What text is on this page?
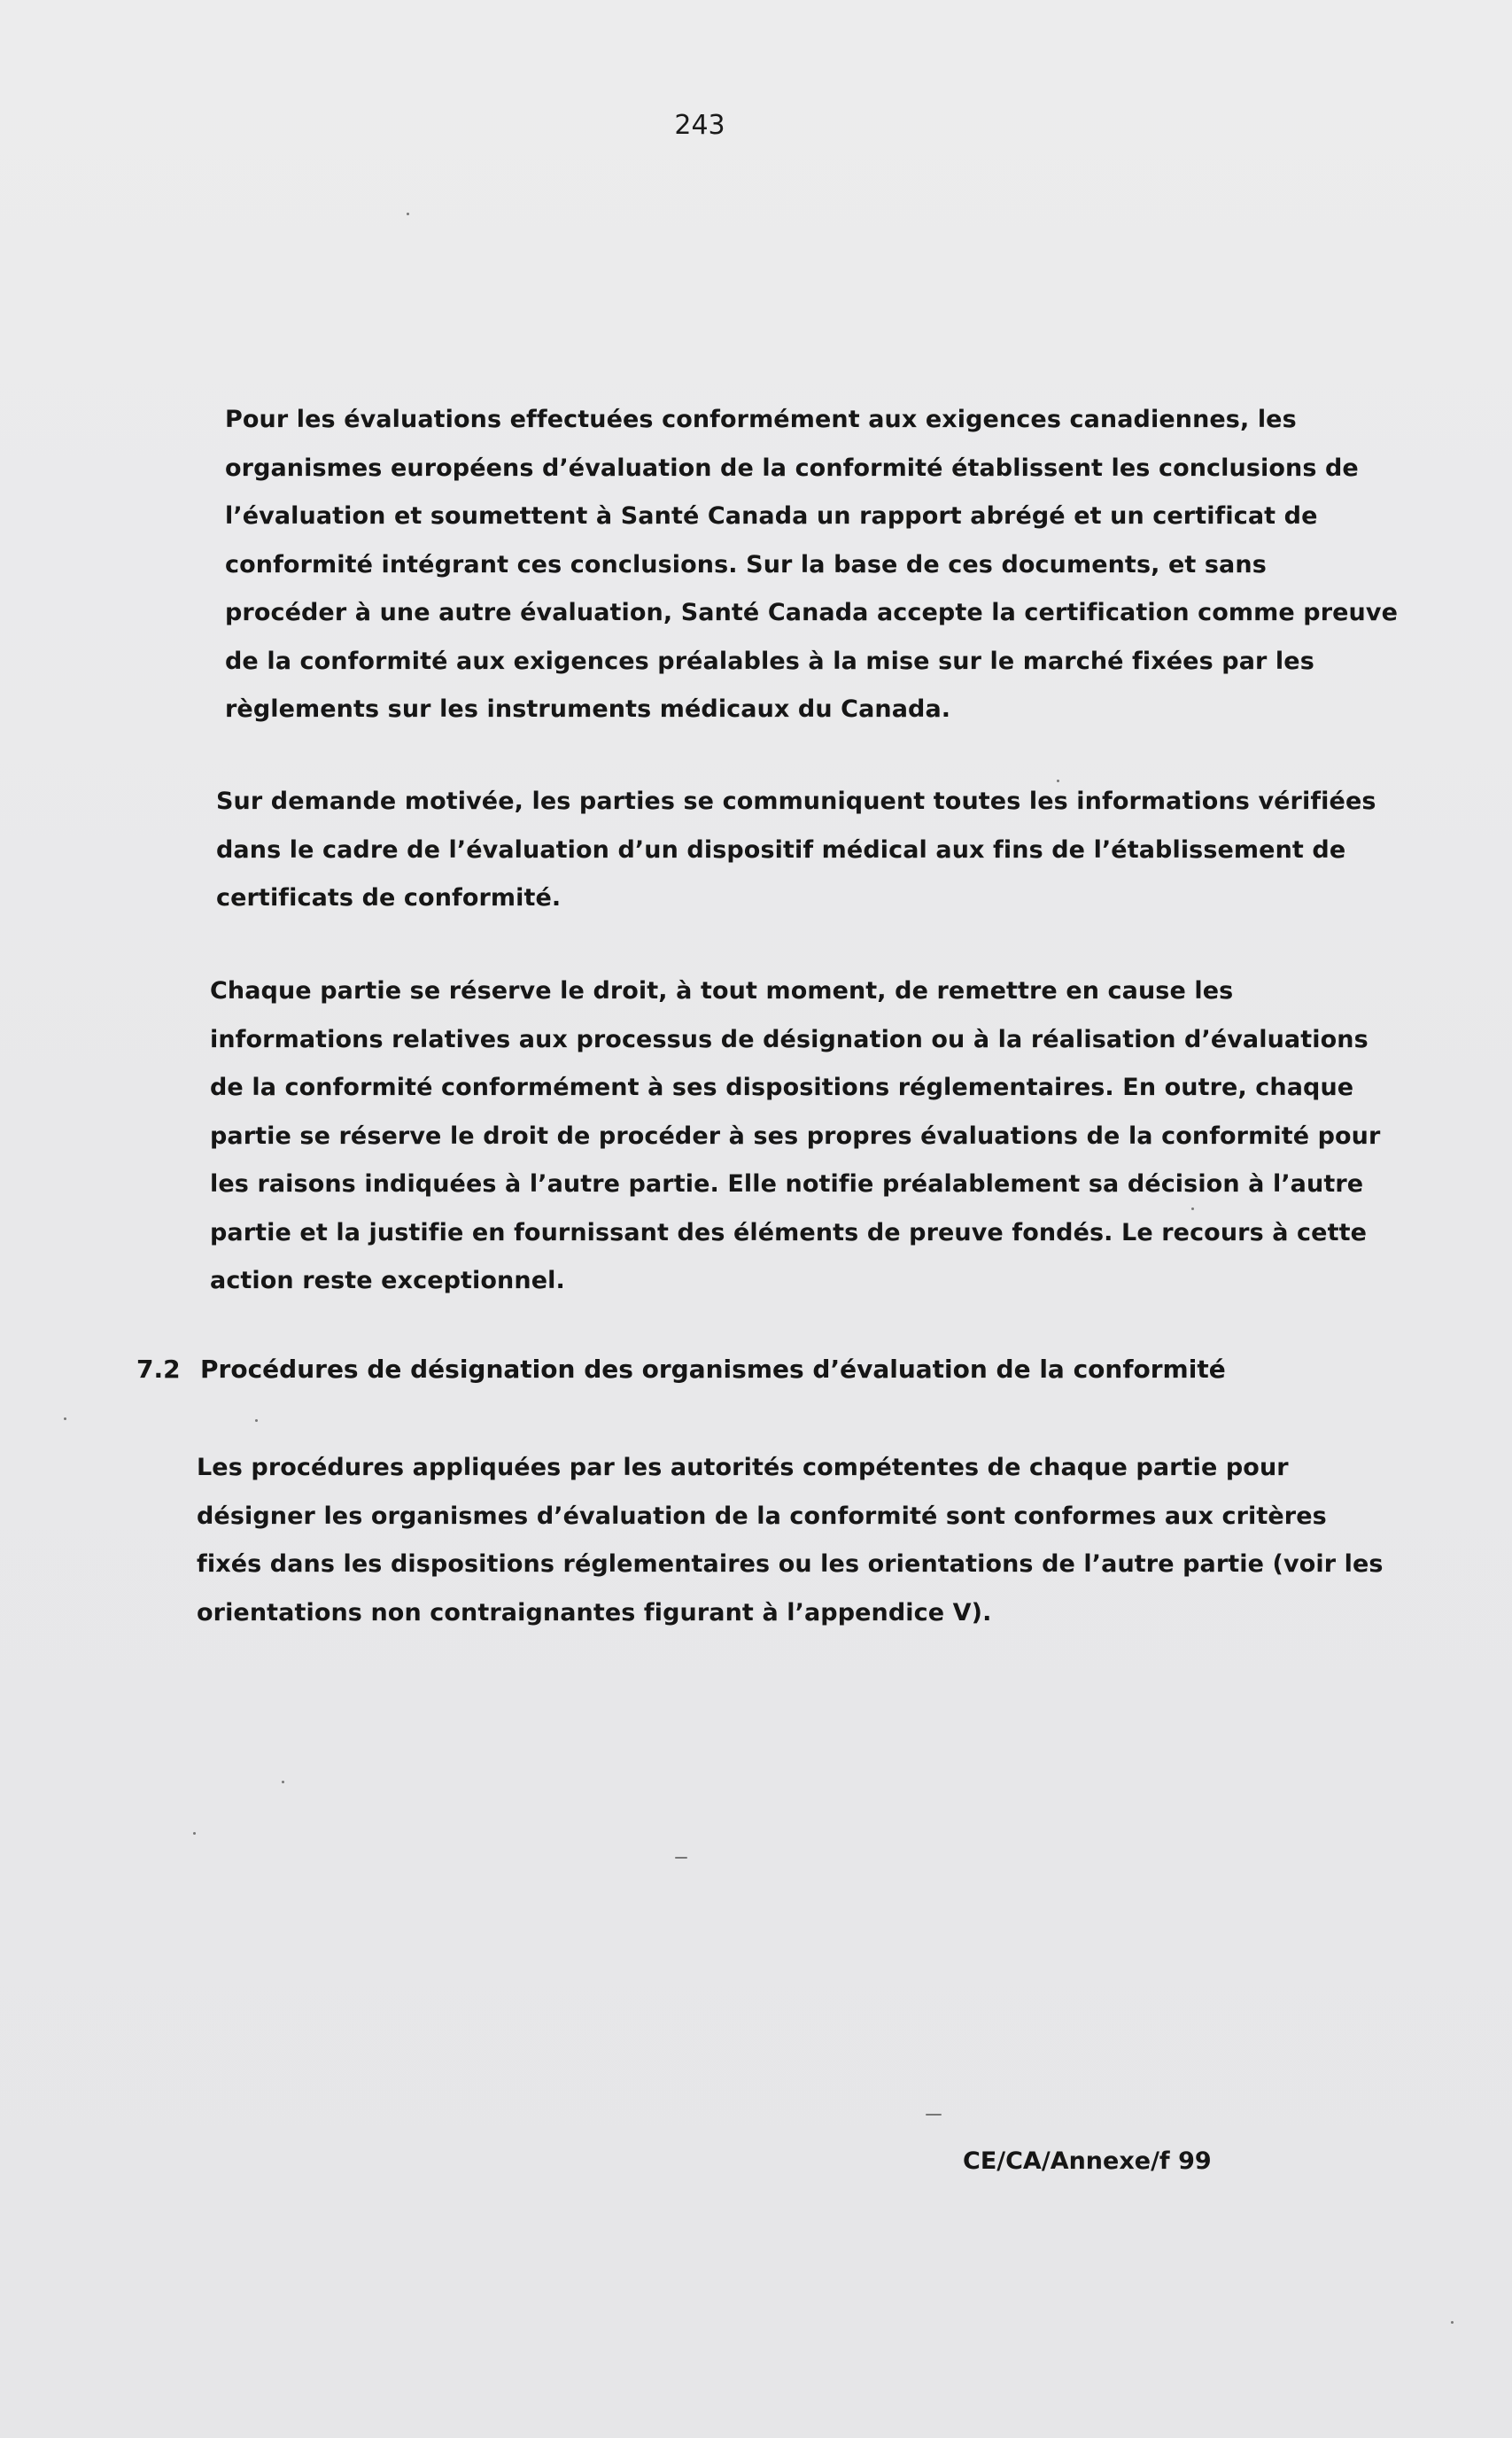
243
Pour les évaluations effectuées conformément aux exigences canadiennes, les
organismes européens d’évaluation de la conformité établissent les conclusions de
l’évaluation et soumettent à Santé Canada un rapport abrégé et un certificat de
conformité intégrant ces conclusions. Sur la base de ces documents, et sans
procéder à une autre évaluation, Santé Canada accepte la certification comme preuve
de la conformité aux exigences préalables à la mise sur le marché fixées par les
règlements sur les instruments médicaux du Canada.
Sur demande motivée, les parties se communiquent toutes les informations vérifiées
dans le cadre de l’évaluation d’un dispositif médical aux fins de l’établissement de
certificats de conformité.
Chaque partie se réserve le droit, à tout moment, de remettre en cause les
informations relatives aux processus de désignation ou à la réalisation d’évaluations
de la conformité conformément à ses dispositions réglementaires. En outre, chaque
partie se réserve le droit de procéder à ses propres évaluations de la conformité pour
les raisons indiquées à l’autre partie. Elle notifie préalablement sa décision à l’autre
partie et la justifie en fournissant des éléments de preuve fondés. Le recours à cette
action reste exceptionnel.
7.2 Procédures de désignation des organismes d’évaluation de la conformité
Les procédures appliquées par les autorités compétentes de chaque partie pour
désigner les organismes d’évaluation de la conformité sont conformes aux critères
fixés dans les dispositions réglementaires ou les orientations de l’autre partie (voir les
orientations non contraignantes figurant à l’appendice V).
CE/CA/Annexe/f 99
